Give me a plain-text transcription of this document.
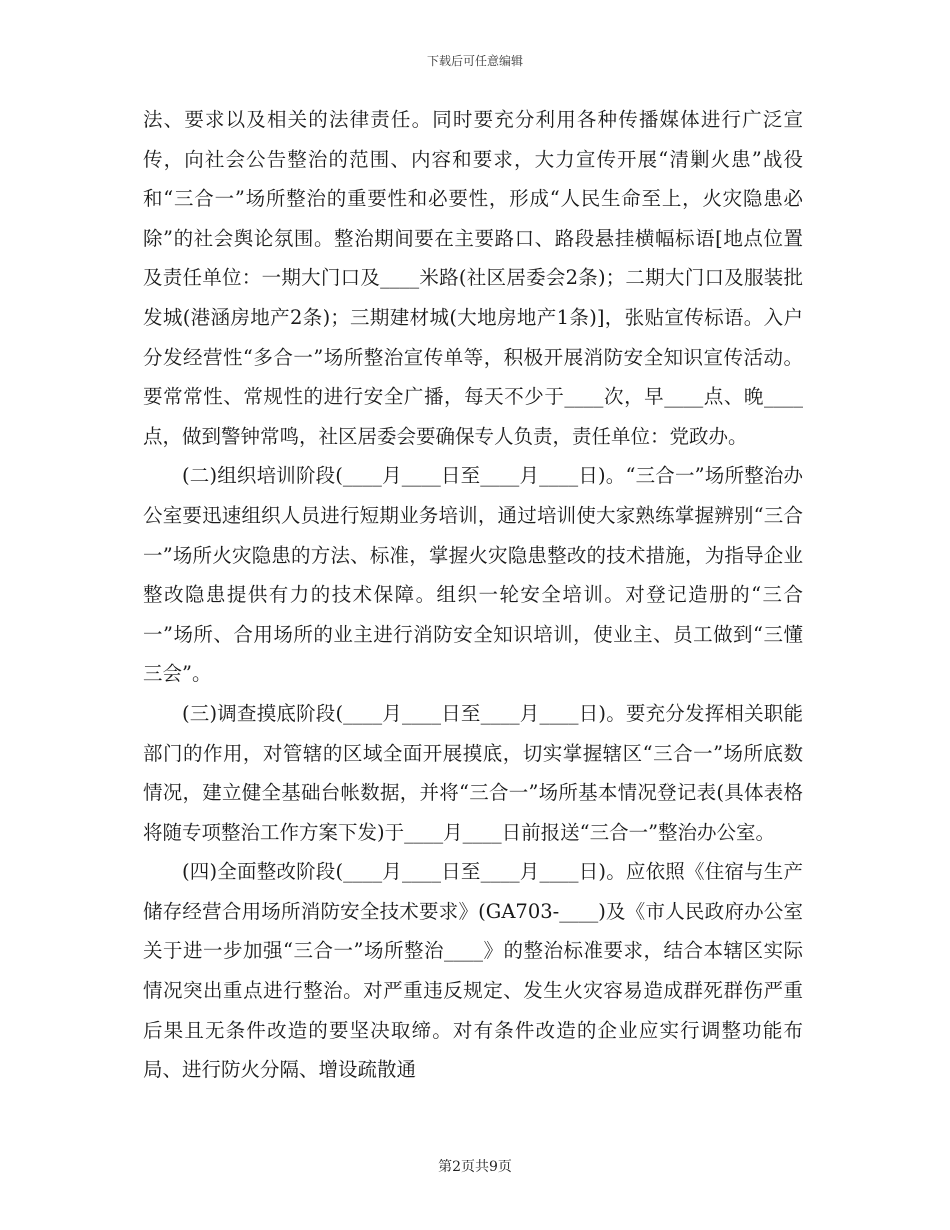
下载后可任意编辑

法、要求以及相关的法律责任。同时要充分利用各种传播媒体进行广泛宣传，向社会公告整治的范围、内容和要求，大力宣传开展“清剿火患”战役和“三合一”场所整治的重要性和必要性，形成“人民生命至上，火灾隐患必除”的社会舆论氛围。整治期间要在主要路口、路段悬挂横幅标语[地点位置及责任单位：一期大门口及____米路(社区居委会2条)；二期大门口及服装批发城(港涵房地产2条)；三期建材城(大地房地产1条)]，张贴宣传标语。入户分发经营性“多合一”场所整治宣传单等，积极开展消防安全知识宣传活动。要常常性、常规性的进行安全广播，每天不少于____次，早____点、晚____点，做到警钟常鸣，社区居委会要确保专人负责，责任单位：党政办。

(二)组织培训阶段(____月____日至____月____日)。“三合一”场所整治办公室要迅速组织人员进行短期业务培训，通过培训使大家熟练掌握辨别“三合一”场所火灾隐患的方法、标准，掌握火灾隐患整改的技术措施，为指导企业整改隐患提供有力的技术保障。组织一轮安全培训。对登记造册的“三合一”场所、合用场所的业主进行消防安全知识培训，使业主、员工做到“三懂三会”。

(三)调查摸底阶段(____月____日至____月____日)。要充分发挥相关职能部门的作用，对管辖的区域全面开展摸底，切实掌握辖区“三合一”场所底数情况，建立健全基础台帐数据，并将“三合一”场所基本情况登记表(具体表格将随专项整治工作方案下发)于____月____日前报送“三合一”整治办公室。

(四)全面整改阶段(____月____日至____月____日)。应依照《住宿与生产储存经营合用场所消防安全技术要求》(GA703-____)及《市人民政府办公室关于进一步加强“三合一”场所整治____》的整治标准要求，结合本辖区实际情况突出重点进行整治。对严重违反规定、发生火灾容易造成群死群伤严重后果且无条件改造的要坚决取缔。对有条件改造的企业应实行调整功能布局、进行防火分隔、增设疏散通

第2页共9页
